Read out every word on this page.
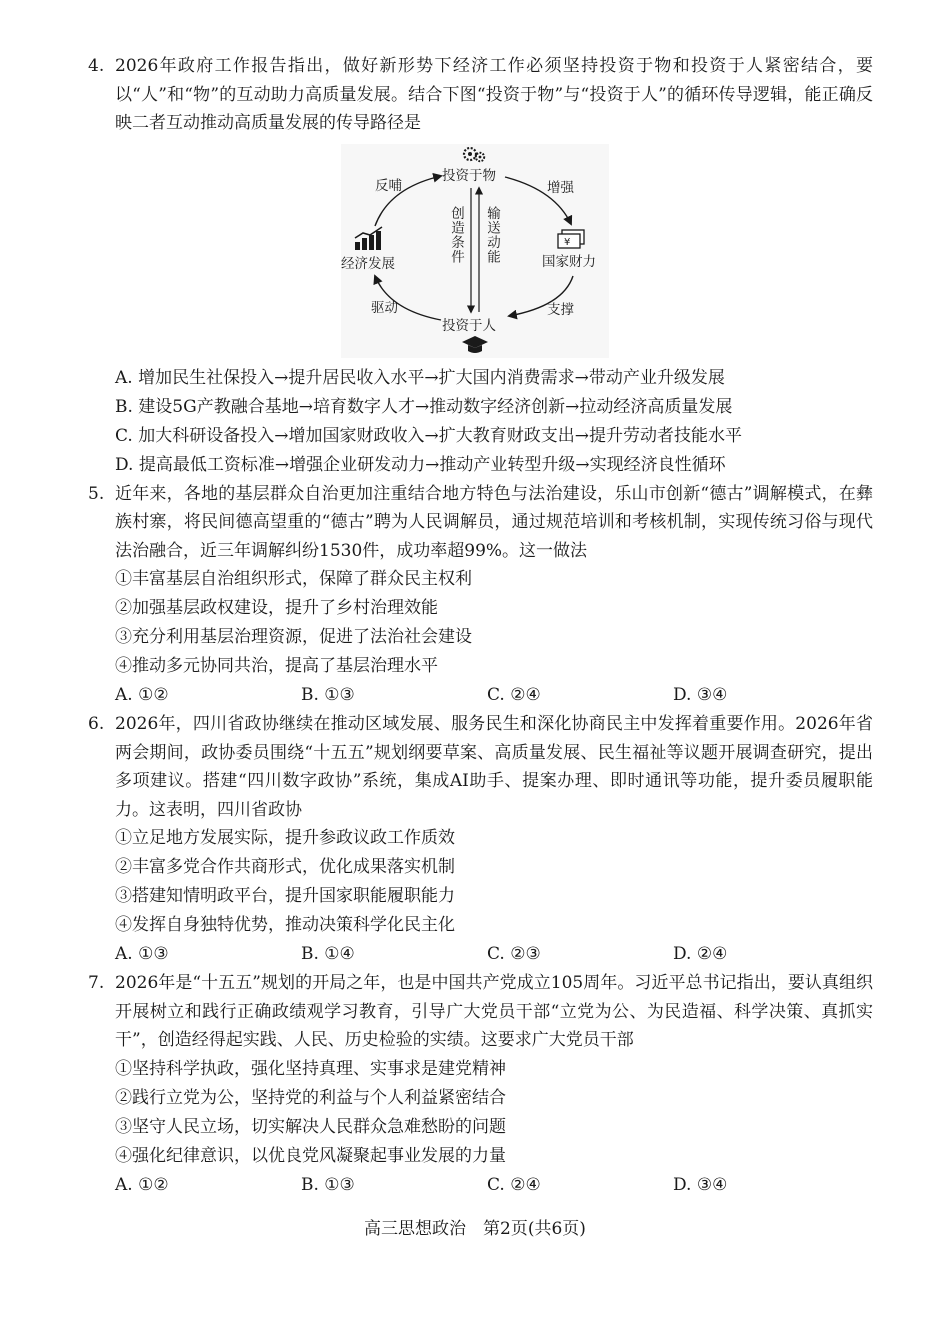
4. 2026年政府工作报告指出，做好新形势下经济工作必须坚持投资于物和投资于人紧密结合，要以“人”和“物”的互动助力高质量发展。结合下图“投资于物”与“投资于人”的循环传导逻辑，能正确反映二者互动推动高质量发展的传导路径是
¥
投资于物
投资于人
经济发展	国家财力
反哺	增强
支撑
驱动
创造条件 输送动能
A. 增加民生社保投入→提升居民收入水平→扩大国内消费需求→带动产业升级发展
B. 建设5G产教融合基地→培育数字人才→推动数字经济创新→拉动经济高质量发展
C. 加大科研设备投入→增加国家财政收入→扩大教育财政支出→提升劳动者技能水平
D. 提高最低工资标准→增强企业研发动力→推动产业转型升级→实现经济良性循环
5. 近年来，各地的基层群众自治更加注重结合地方特色与法治建设，乐山市创新“德古”调解模式，在彝族村寨，将民间德高望重的“德古”聘为人民调解员，通过规范培训和考核机制，实现传统习俗与现代法治融合，近三年调解纠纷1530件，成功率超99%。这一做法
①丰富基层自治组织形式，保障了群众民主权利
②加强基层政权建设，提升了乡村治理效能
③充分利用基层治理资源，促进了法治社会建设
④推动多元协同共治，提高了基层治理水平
A. ①②	B. ①③	C. ②④	D. ③④
6. 2026年，四川省政协继续在推动区域发展、服务民生和深化协商民主中发挥着重要作用。2026年省两会期间，政协委员围绕“十五五”规划纲要草案、高质量发展、民生福祉等议题开展调查研究，提出多项建议。搭建“四川数字政协”系统，集成AI助手、提案办理、即时通讯等功能，提升委员履职能力。这表明，四川省政协
①立足地方发展实际，提升参政议政工作质效
②丰富多党合作共商形式，优化成果落实机制
③搭建知情明政平台，提升国家职能履职能力
④发挥自身独特优势，推动决策科学化民主化
A. ①③	B. ①④	C. ②③	D. ②④
7. 2026年是“十五五”规划的开局之年，也是中国共产党成立105周年。习近平总书记指出，要认真组织开展树立和践行正确政绩观学习教育，引导广大党员干部“立党为公、为民造福、科学决策、真抓实干”，创造经得起实践、人民、历史检验的实绩。这要求广大党员干部
①坚持科学执政，强化坚持真理、实事求是建党精神
②践行立党为公，坚持党的利益与个人利益紧密结合
③坚守人民立场，切实解决人民群众急难愁盼的问题
④强化纪律意识，以优良党风凝聚起事业发展的力量
A. ①②	B. ①③	C. ②④	D. ③④
高三思想政治　第2页(共6页)
